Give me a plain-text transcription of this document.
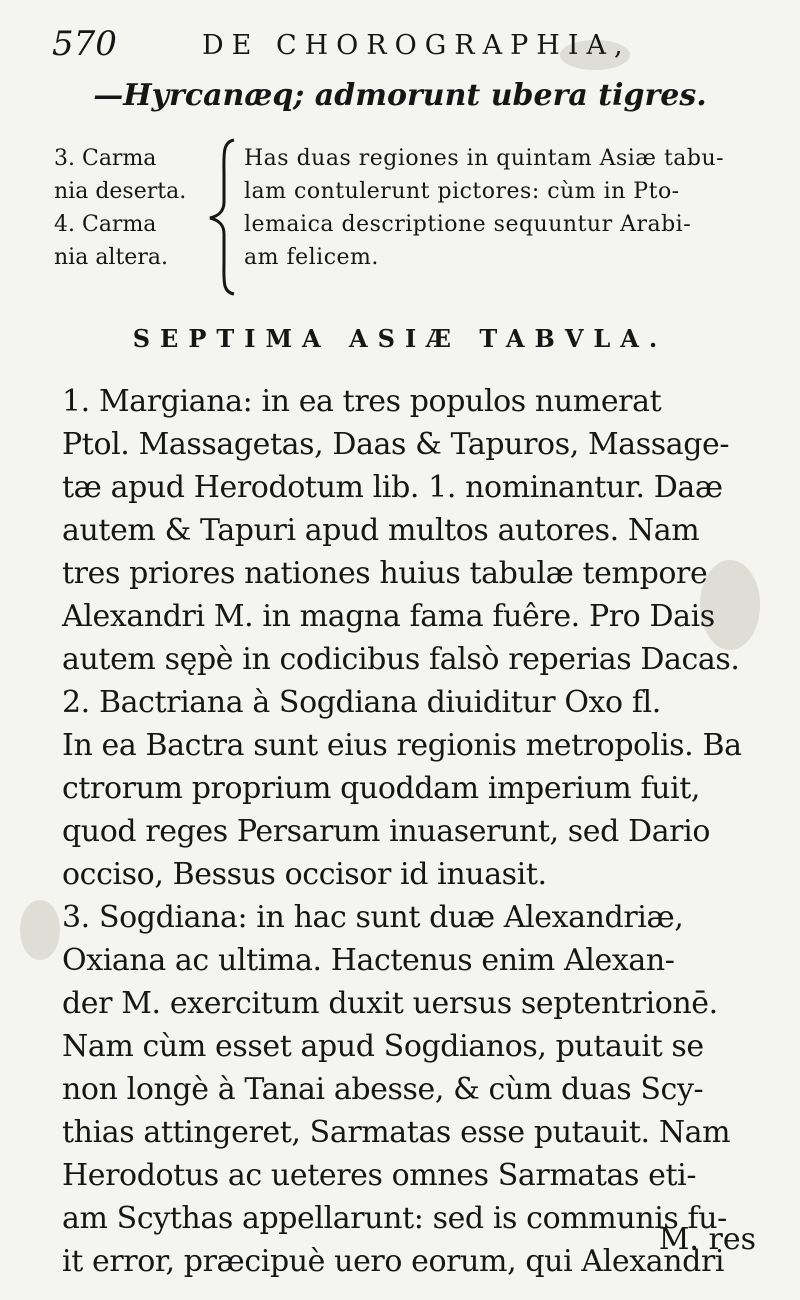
570	DE CHOROGRAPHIA,
—Hyrcanæq; admorunt ubera tigres.
3. Carma
nia deserta.
4. Carma
nia altera.
Has duas regiones in quintam Asiæ tabu-
lam contulerunt pictores: cùm in Pto-
lemaica descriptione sequuntur Arabi-
am felicem.
SEPTIMA ASIÆ TABVLA.
1. Margiana: in ea tres populos numerat
Ptol. Massagetas, Daas & Tapuros, Massage-
tæ apud Herodotum lib. 1. nominantur. Daæ
autem & Tapuri apud multos autores. Nam
tres priores nationes huius tabulæ tempore
Alexandri M. in magna fama fuêre. Pro Dais
autem sępè in codicibus falsò reperias Dacas.
2. Bactriana à Sogdiana diuiditur Oxo fl.
In ea Bactra sunt eius regionis metropolis. Ba
ctrorum proprium quoddam imperium fuit,
quod reges Persarum inuaserunt, sed Dario
occiso, Bessus occisor id inuasit.
3. Sogdiana: in hac sunt duæ Alexandriæ,
Oxiana ac ultima. Hactenus enim Alexan-
der M. exercitum duxit uersus septentrionē.
Nam cùm esset apud Sogdianos, putauit se
non longè à Tanai abesse, & cùm duas Scy-
thias attingeret, Sarmatas esse putauit. Nam
Herodotus ac ueteres omnes Sarmatas eti-
am Scythas appellarunt: sed is communis fu-
it error, præcipuè uero eorum, qui Alexandri
M. res
